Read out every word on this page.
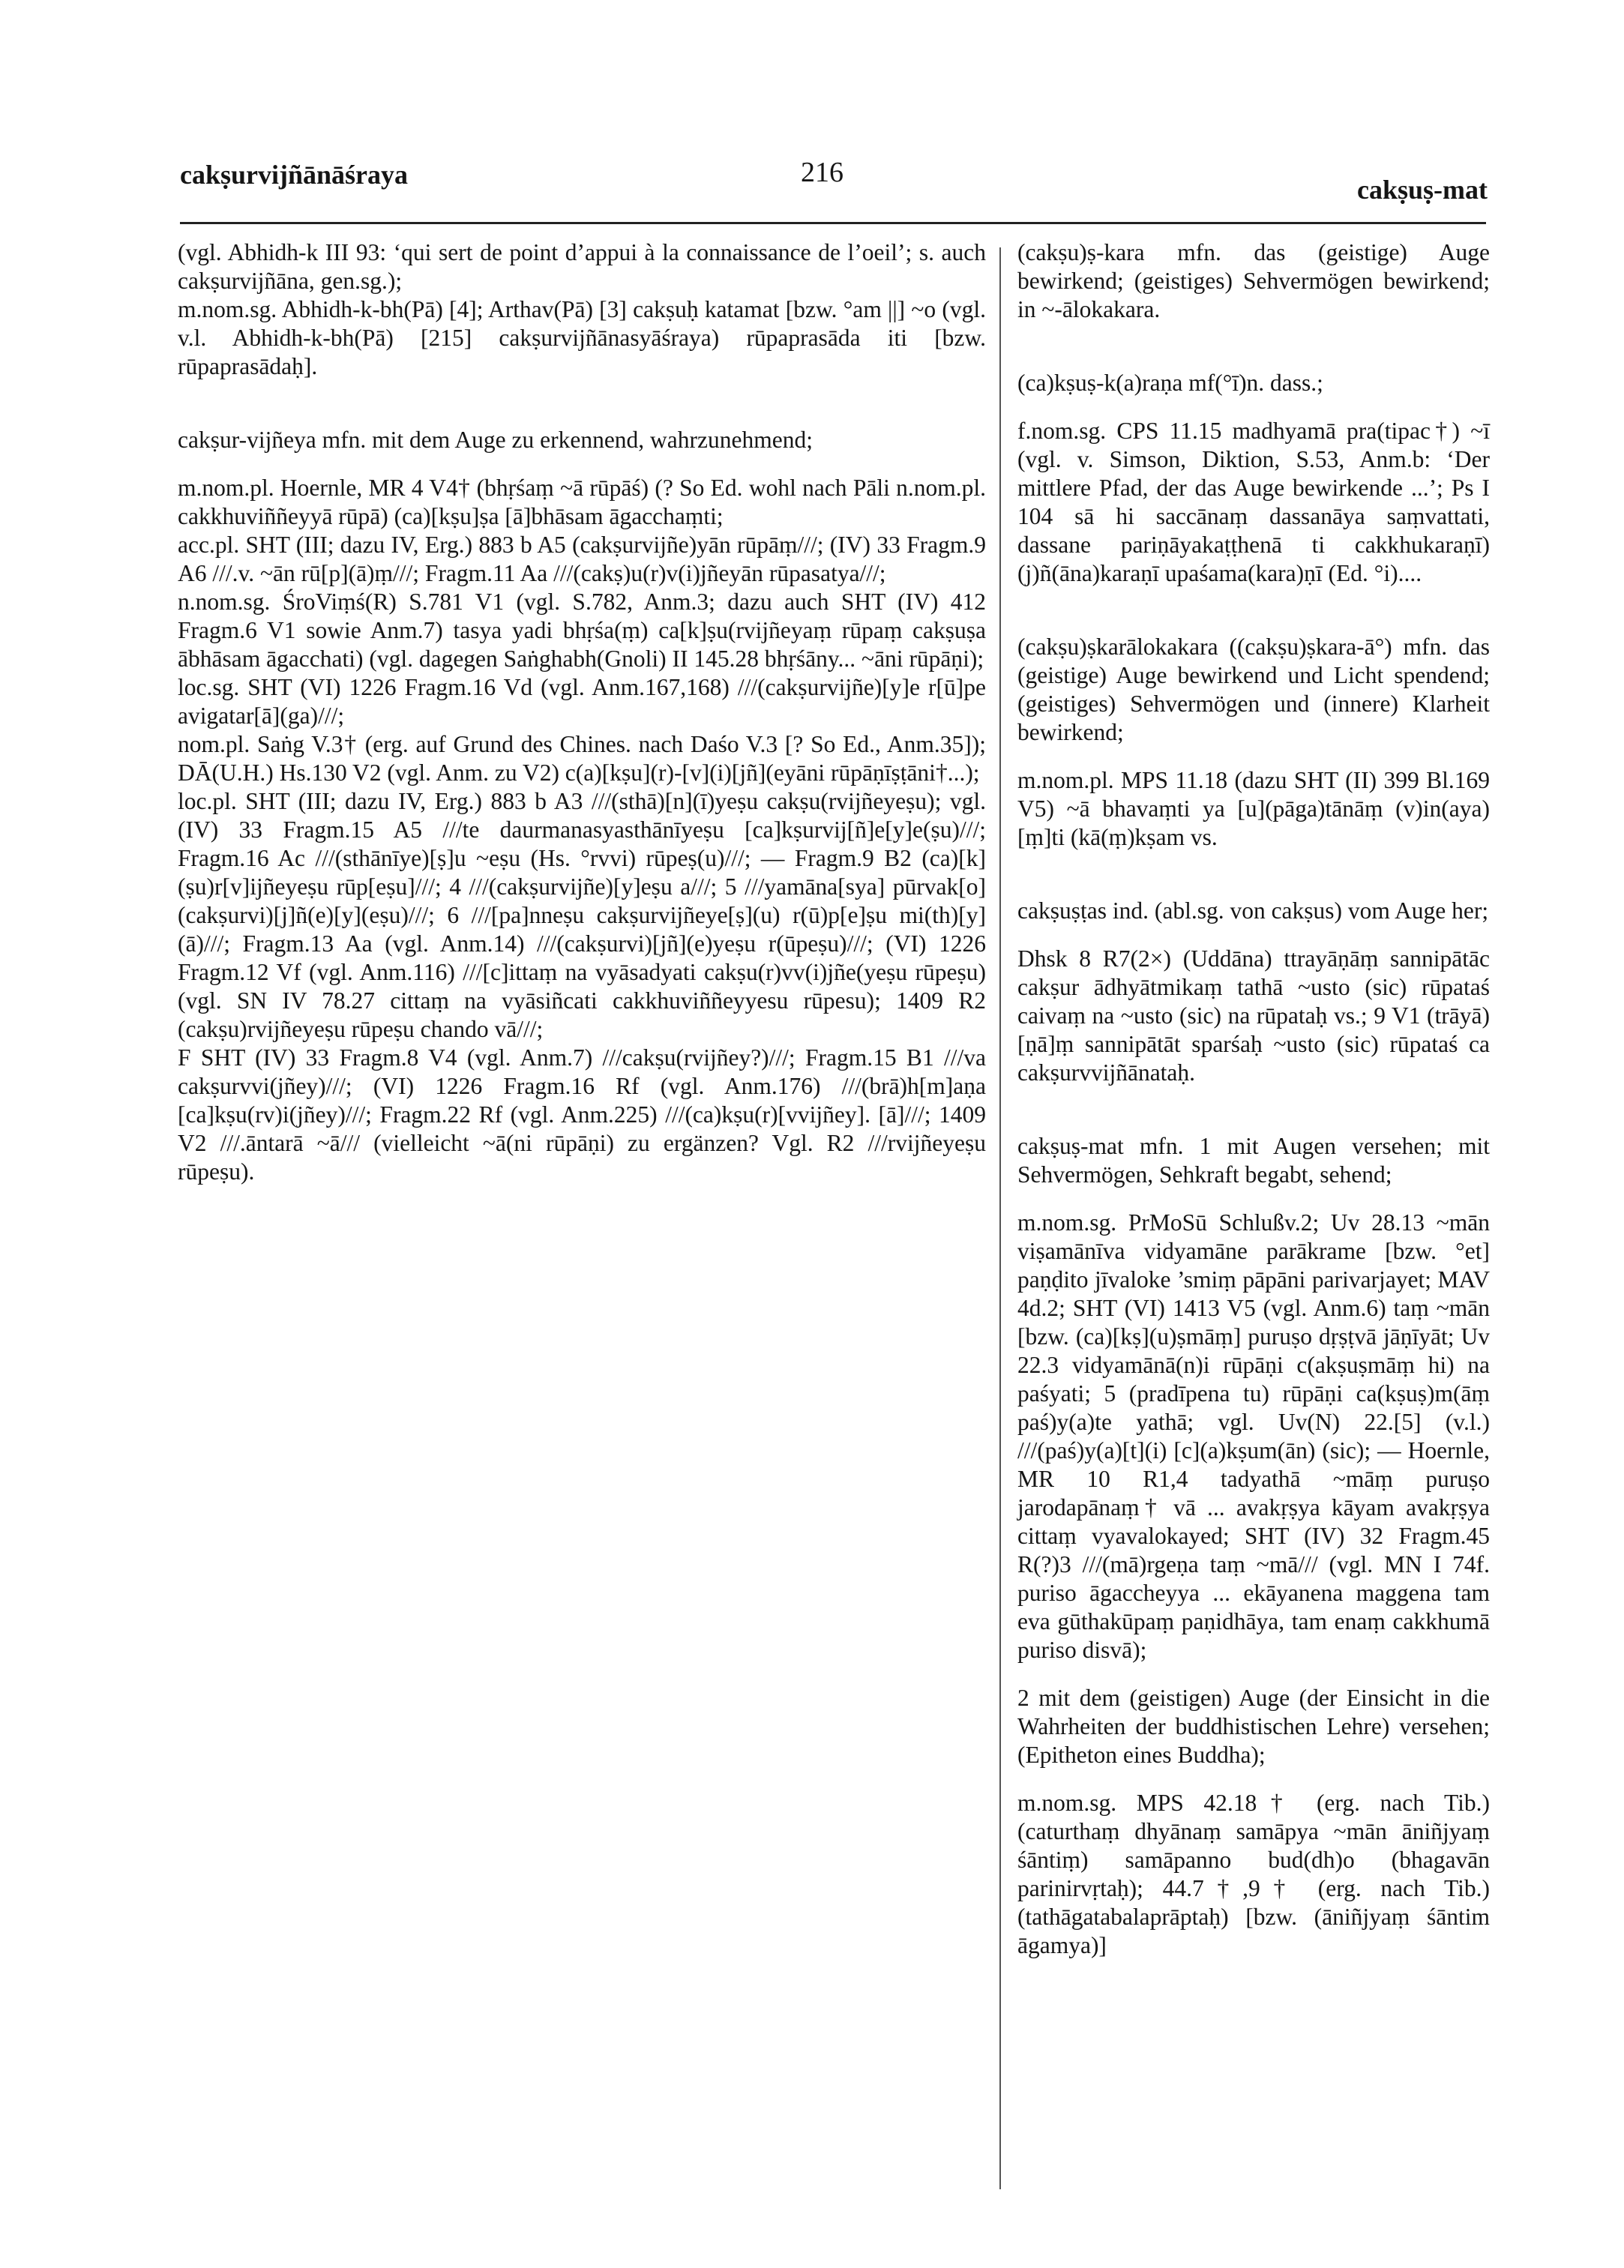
cakṣurvijñānāśraya	216
cakṣuṣ-mat

(vgl. Abhidh-k III 93: ‘qui sert de point d’appui à la connaissance de l’oeil’; s. auch cakṣurvijñāna, gen.sg.);

m.nom.sg. Abhidh-k-bh(Pā) [4]; Arthav(Pā) [3] cakṣuḥ katamat [bzw. °am ||] ~o (vgl. v.l. Abhidh-k-bh(Pā) [215] cakṣurvijñānasyāśraya) rūpaprasāda iti [bzw. rūpaprasādaḥ].

cakṣur-vijñeya mfn. mit dem Auge zu erkennend, wahrzunehmend;

m.nom.pl. Hoernle, MR 4 V4† (bhṛśaṃ ~ā rūpāś) (? So Ed. wohl nach Pāli n.nom.pl. cakkhuviññeyyā rūpā) (ca)[kṣu]ṣa [ā]bhāsam āgacchaṃti;

acc.pl. SHT (III; dazu IV, Erg.) 883 b A5 (cakṣurvijñe)yān rūpāṃ///; (IV) 33 Fragm.9 A6 ///.v. ~ān rū[p](ā)ṃ///; Fragm.11 Aa ///(cakṣ)u(r)v(i)jñeyān rūpasatya///;

n.nom.sg. ŚroViṃś(R) S.781 V1 (vgl. S.782, Anm.3; dazu auch SHT (IV) 412 Fragm.6 V1 sowie Anm.7) tasya yadi bhṛśa(ṃ) ca[k]ṣu(rvijñeyaṃ rūpaṃ cakṣuṣa ābhāsam āgacchati) (vgl. dagegen Saṅghabh(Gnoli) II 145.28 bhṛśāny... ~āni rūpāṇi);

loc.sg. SHT (VI) 1226 Fragm.16 Vd (vgl. Anm.167,168) ///(cakṣurvijñe)[y]e r[ū]pe avigatar[ā](ga)///;

nom.pl. Saṅg V.3† (erg. auf Grund des Chines. nach Daśo V.3 [? So Ed., Anm.35]); DĀ(U.H.) Hs.130 V2 (vgl. Anm. zu V2) c(a)[kṣu](r)-[v](i)[jñ](eyāni rūpāṇīṣṭāni†...);

loc.pl. SHT (III; dazu IV, Erg.) 883 b A3 ///(sthā)[n](ī)yeṣu cakṣu(rvijñeyeṣu); vgl. (IV) 33 Fragm.15 A5 ///te daurmanasyasthānīyeṣu [ca]kṣurvij[ñ]e[y]e(ṣu)///; Fragm.16 Ac ///(sthānīye)[ṣ]u ~eṣu (Hs. °rvvi) rūpeṣ(u)///; — Fragm.9 B2 (ca)[k](ṣu)r[v]ijñeyeṣu rūp[eṣu]///; 4 ///(cakṣurvijñe)[y]eṣu a///; 5 ///yamāna[sya] pūrvak[o] (cakṣurvi)[j]ñ(e)[y](eṣu)///; 6 ///[pa]nneṣu cakṣurvijñeye[ṣ](u) r(ū)p[e]ṣu mi(th)[y](ā)///; Fragm.13 Aa (vgl. Anm.14) ///(cakṣurvi)[jñ](e)yeṣu r(ūpeṣu)///; (VI) 1226 Fragm.12 Vf (vgl. Anm.116) ///[c]ittaṃ na vyāsadyati cakṣu(r)vv(i)jñe(yeṣu rūpeṣu) (vgl. SN IV 78.27 cittaṃ na vyāsiñcati cakkhuviññeyyesu rūpesu); 1409 R2 (cakṣu)rvijñeyeṣu rūpeṣu chando vā///;

F SHT (IV) 33 Fragm.8 V4 (vgl. Anm.7) ///cakṣu(rvijñey?)///; Fragm.15 B1 ///va cakṣurvvi(jñey)///; (VI) 1226 Fragm.16 Rf (vgl. Anm.176) ///(brā)h[m]aṇa [ca]kṣu(rv)i(jñey)///; Fragm.22 Rf (vgl. Anm.225) ///(ca)kṣu(r)[vvijñey]. [ā]///; 1409 V2 ///.āntarā ~ā/// (vielleicht ~ā(ni rūpāṇi) zu ergänzen? Vgl. R2 ///rvijñeyeṣu rūpeṣu).

(cakṣu)ṣ-kara mfn. das (geistige) Auge bewirkend; (geistiges) Sehvermögen bewirkend; in ~-ālokakara.

(ca)kṣuṣ-k(a)raṇa mf(°ī)n. dass.;

f.nom.sg. CPS 11.15 madhyamā pra(tipac†) ~ī (vgl. v. Simson, Diktion, S.53, Anm.b: ‘Der mittlere Pfad, der das Auge bewirkende ...’; Ps I 104 sā hi saccānaṃ dassanāya saṃvattati, dassane pariṇāyakaṭṭhenā ti cakkhukaraṇī) (j)ñ(āna)karaṇī upaśama(kara)ṇī (Ed. °i)....

(cakṣu)ṣkarālokakara ((cakṣu)ṣkara-ā°) mfn. das (geistige) Auge bewirkend und Licht spendend; (geistiges) Sehvermögen und (innere) Klarheit bewirkend;

m.nom.pl. MPS 11.18 (dazu SHT (II) 399 Bl.169 V5) ~ā bhavaṃti ya [u](pāga)tānāṃ (v)in(aya)[ṃ]ti (kā(ṃ)kṣam vs.

cakṣuṣṭas ind. (abl.sg. von cakṣus) vom Auge her;

Dhsk 8 R7(2×) (Uddāna) ttrayāṇāṃ sannipātāc cakṣur ādhyātmikaṃ tathā ~usto (sic) rūpataś caivaṃ na ~usto (sic) na rūpataḥ vs.; 9 V1 (trāyā)[ṇā]ṃ sannipātāt sparśaḥ ~usto (sic) rūpataś ca cakṣurvvijñānataḥ.

cakṣuṣ-mat mfn. 1 mit Augen versehen; mit Sehvermögen, Sehkraft begabt, sehend;

m.nom.sg. PrMoSū Schlußv.2; Uv 28.13 ~mān viṣamānīva vidyamāne parākrame [bzw. °et] paṇḍito jīvaloke ’smiṃ pāpāni parivarjayet; MAV 4d.2; SHT (VI) 1413 V5 (vgl. Anm.6) taṃ ~mān [bzw. (ca)[kṣ](u)ṣmāṃ] puruṣo dṛṣṭvā jāṇīyāt; Uv 22.3 vidyamānā(n)i rūpāṇi c(akṣuṣmāṃ hi) na paśyati; 5 (pradīpena tu) rūpāṇi ca(kṣuṣ)m(āṃ paś)y(a)te yathā; vgl. Uv(N) 22.[5] (v.l.) ///(paś)y(a)[t](i) [c](a)kṣum(ān) (sic); — Hoernle, MR 10 R1,4 tadyathā ~māṃ puruṣo jarodapānaṃ† vā ... avakṛṣya kāyam avakṛṣya cittaṃ vyavalokayed; SHT (IV) 32 Fragm.45 R(?)3 ///(mā)rgeṇa taṃ ~mā/// (vgl. MN I 74f. puriso āgaccheyya ... ekāyanena maggena tam eva gūthakūpaṃ paṇidhāya, tam enaṃ cakkhumā puriso disvā);

2 mit dem (geistigen) Auge (der Einsicht in die Wahrheiten der buddhistischen Lehre) versehen; (Epitheton eines Buddha);

m.nom.sg. MPS 42.18† (erg. nach Tib.) (caturthaṃ dhyānaṃ samāpya ~mān āniñjyaṃ śāntiṃ) samāpanno bud(dh)o (bhagavān parinirvṛtaḥ); 44.7†,9† (erg. nach Tib.) (tathāgatabalaprāptaḥ) [bzw. (āniñjyaṃ śāntim āgamya)]
